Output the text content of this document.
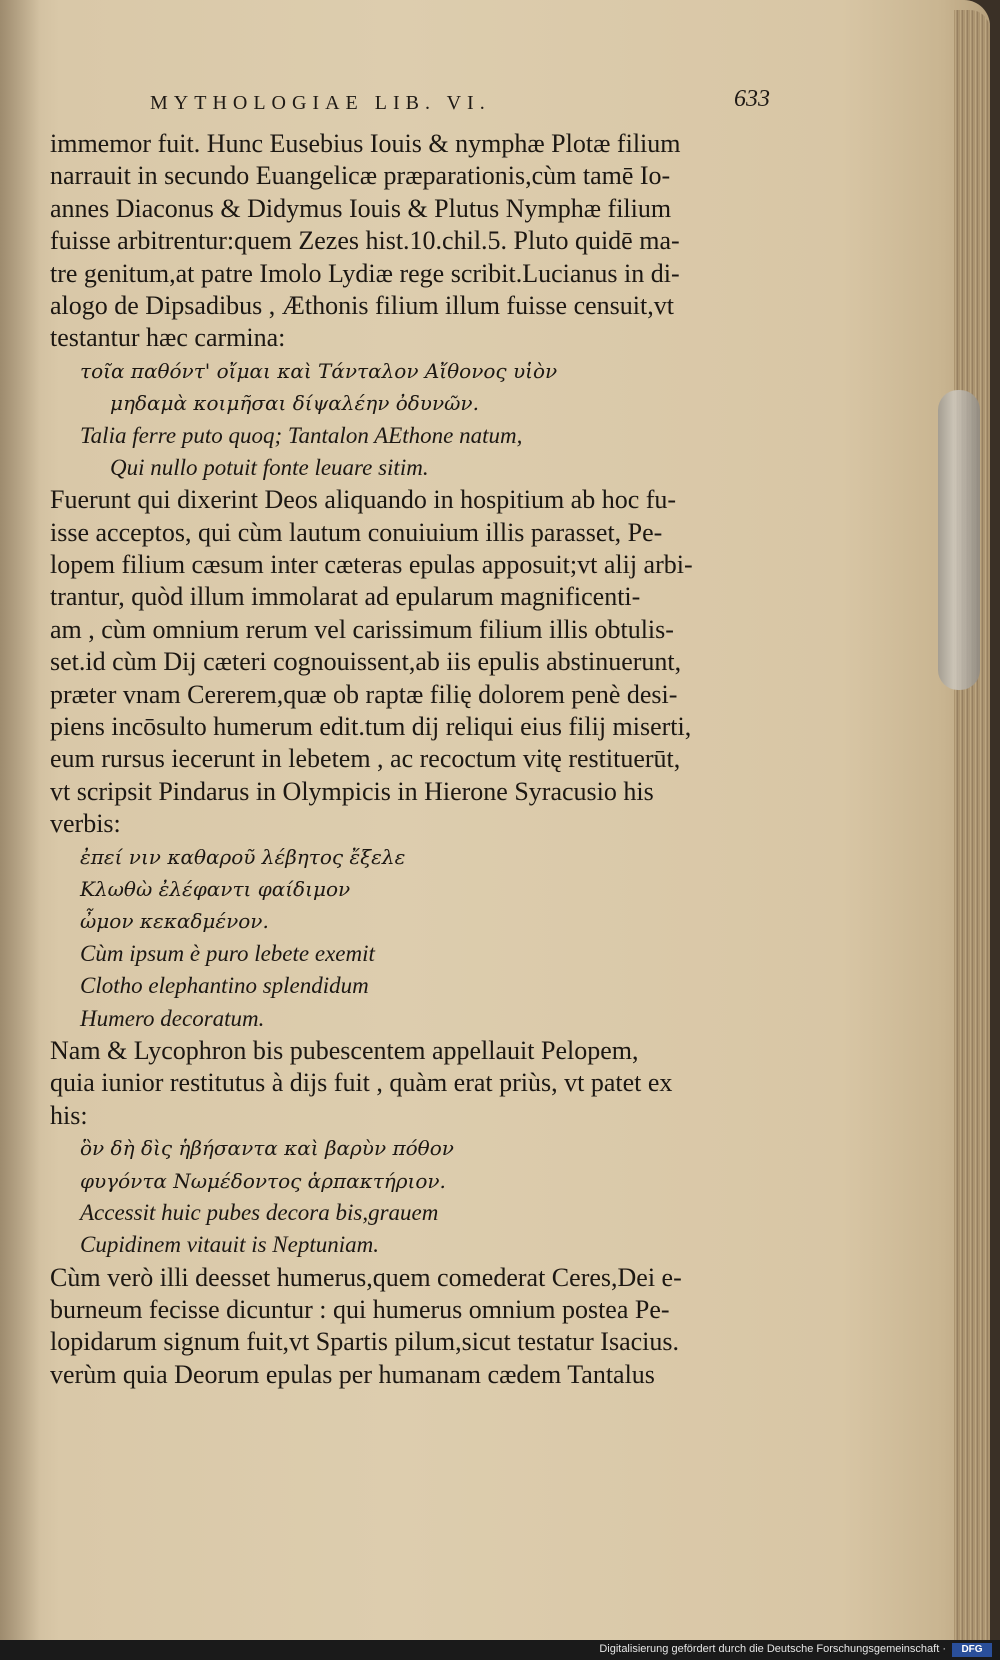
MYTHOLOGIAE LIB. VI.	633
immemor fuit. Hunc Eusebius Iouis & nymphæ Plotæ filium
narrauit in secundo Euangelicæ præparationis,cùm tamē Io-
annes Diaconus & Didymus Iouis & Plutus Nymphæ filium
fuisse arbitrentur:quem Zezes hist.10.chil.5. Pluto quidē ma-
tre genitum,at patre Imolo Lydiæ rege scribit.Lucianus in di-
alogo de Dipsadibus , Æthonis filium illum fuisse censuit,vt
testantur hæc carmina:
τοῖα παθόντ' οἴμαι καὶ Τάνταλον Αἴθονος υἱὸν
μηδαμὰ κοιμῆσαι δίψαλέην ὀδυνῶν.
Talia ferre puto quoq; Tantalon AEthone natum,
Qui nullo potuit fonte leuare sitim.
Fuerunt qui dixerint Deos aliquando in hospitium ab hoc fu-
isse acceptos, qui cùm lautum conuiuium illis parasset, Pe-
lopem filium cæsum inter cæteras epulas apposuit;vt alij arbi-
trantur, quòd illum immolarat ad epularum magnificenti-
am , cùm omnium rerum vel carissimum filium illis obtulis-
set.id cùm Dij cæteri cognouissent,ab iis epulis abstinuerunt,
præter vnam Cererem,quæ ob raptæ filię dolorem penè desi-
piens incōsulto humerum edit.tum dij reliqui eius filij miserti,
eum rursus iecerunt in lebetem , ac recoctum vitę restituerūt,
vt scripsit Pindarus in Olympicis in Hierone Syracusio his
verbis:
ἐπεί νιν καθαροῦ λέβητος ἔξελε
Κλωθὼ ἐλέφαντι φαίδιμον
ὦμον κεκαδμένον.
Cùm ipsum è puro lebete exemit
Clotho elephantino splendidum
Humero decoratum.
Nam & Lycophron bis pubescentem appellauit Pelopem,
quia iunior restitutus à dijs fuit , quàm erat priùs, vt patet ex
his:
ὃν δὴ δὶς ἡβήσαντα καὶ βαρὺν πόθον
φυγόντα Νωμέδοντος ἁρπακτήριον.
Accessit huic pubes decora bis,grauem
Cupidinem vitauit is Neptuniam.
Cùm verò illi deesset humerus,quem comederat Ceres,Dei e-
burneum fecisse dicuntur : qui humerus omnium postea Pe-
lopidarum signum fuit,vt Spartis pilum,sicut testatur Isacius.
verùm quia Deorum epulas per humanam cædem Tantalus
Digitalisierung gefördert durch die Deutsche Forschungsgemeinschaft ·	DFG
